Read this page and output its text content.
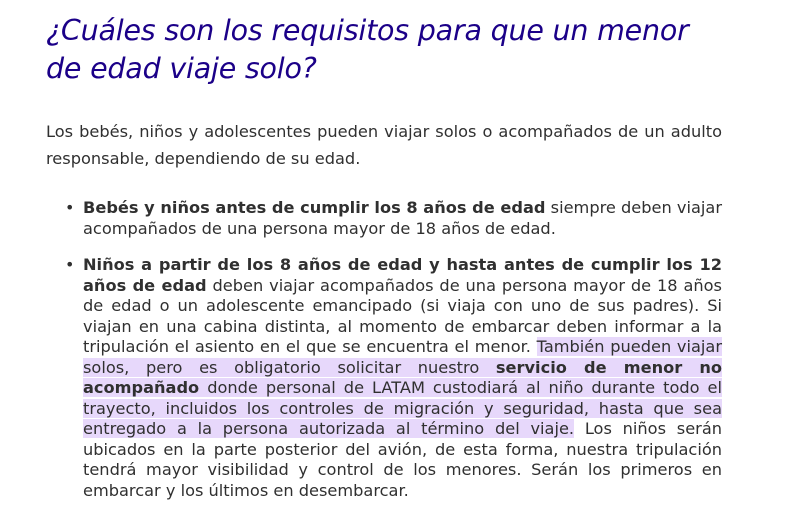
¿Cuáles son los requisitos para que un menor de edad viaje solo?

Los bebés, niños y adolescentes pueden viajar solos o acompañados de un adulto responsable, dependiendo de su edad.

• Bebés y niños antes de cumplir los 8 años de edad siempre deben viajar acompañados de una persona mayor de 18 años de edad.
• Niños a partir de los 8 años de edad y hasta antes de cumplir los 12 años de edad deben viajar acompañados de una persona mayor de 18 años de edad o un adolescente emancipado (si viaja con uno de sus padres). Si viajan en una cabina distinta, al momento de embarcar deben informar a la tripulación el asiento en el que se encuentra el menor. También pueden viajar solos, pero es obligatorio solicitar nuestro servicio de menor no acompañado donde personal de LATAM custodiará al niño durante todo el trayecto, incluidos los controles de migración y seguridad, hasta que sea entregado a la persona autorizada al término del viaje. Los niños serán ubicados en la parte posterior del avión, de esta forma, nuestra tripulación tendrá mayor visibilidad y control de los menores. Serán los primeros en embarcar y los últimos en desembarcar.
